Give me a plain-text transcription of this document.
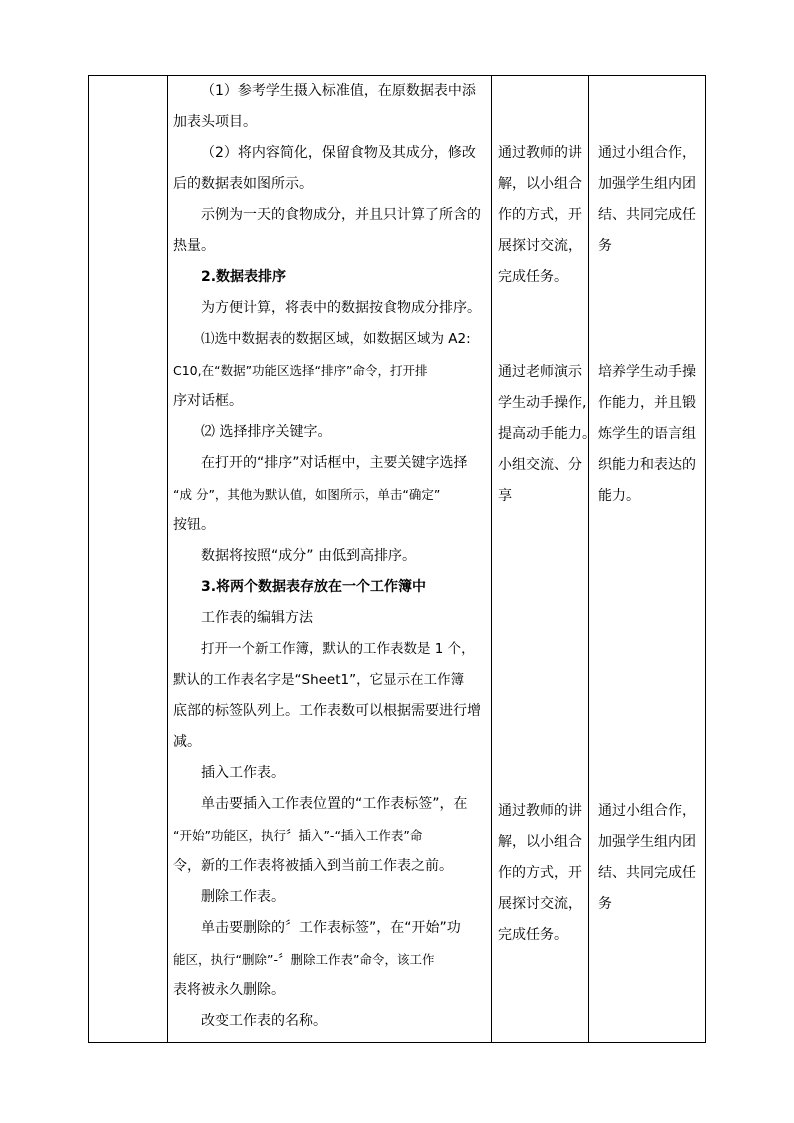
（1）参考学生摄入标准值，在原数据表中添
加表头项目。
（2）将内容简化，保留食物及其成分，修改
后的数据表如图所示。
示例为一天的食物成分，并且只计算了所含的
热量。
2.数据表排序
为方便计算，将表中的数据按食物成分排序。
⑴选中数据表的数据区域，如数据区域为 A2:
C10,在“数据”功能区选择“排序”命令，打开排
序对话框。
⑵ 选择排序关键字。
在打开的“排序”对话框中，主要关键字选择
“成 分”，其他为默认值，如图所示，单击“确定”
按钮。
数据将按照“成分” 由低到高排序。
3.将两个数据表存放在一个工作簿中
工作表的编辑方法
打开一个新工作簿，默认的工作表数是 1 个，
默认的工作表名字是“Sheet1”，它显示在工作簿
底部的标签队列上。工作表数可以根据需要进行增
减。
插入工作表。
单击要插入工作表位置的“工作表标签”，在
“开始”功能区，执行〞插入”-“插入工作表”命
令，新的工作表将被插入到当前工作表之前。
删除工作表。
单击要删除的〞工作表标签”，在“开始”功
能区，执行“删除”-〞删除工作表”命令，该工作
表将被永久删除。
改变工作表的名称。
通过教师的讲
解，以小组合
作的方式，开
展探讨交流，
完成任务。
通过老师演示
学生动手操作,
提高动手能力。
小组交流、分
享
通过教师的讲
解，以小组合
作的方式，开
展探讨交流，
完成任务。
通过小组合作，
加强学生组内团
结、共同完成任
务
培养学生动手操
作能力，并且锻
炼学生的语言组
织能力和表达的
能力。
通过小组合作，
加强学生组内团
结、共同完成任
务
